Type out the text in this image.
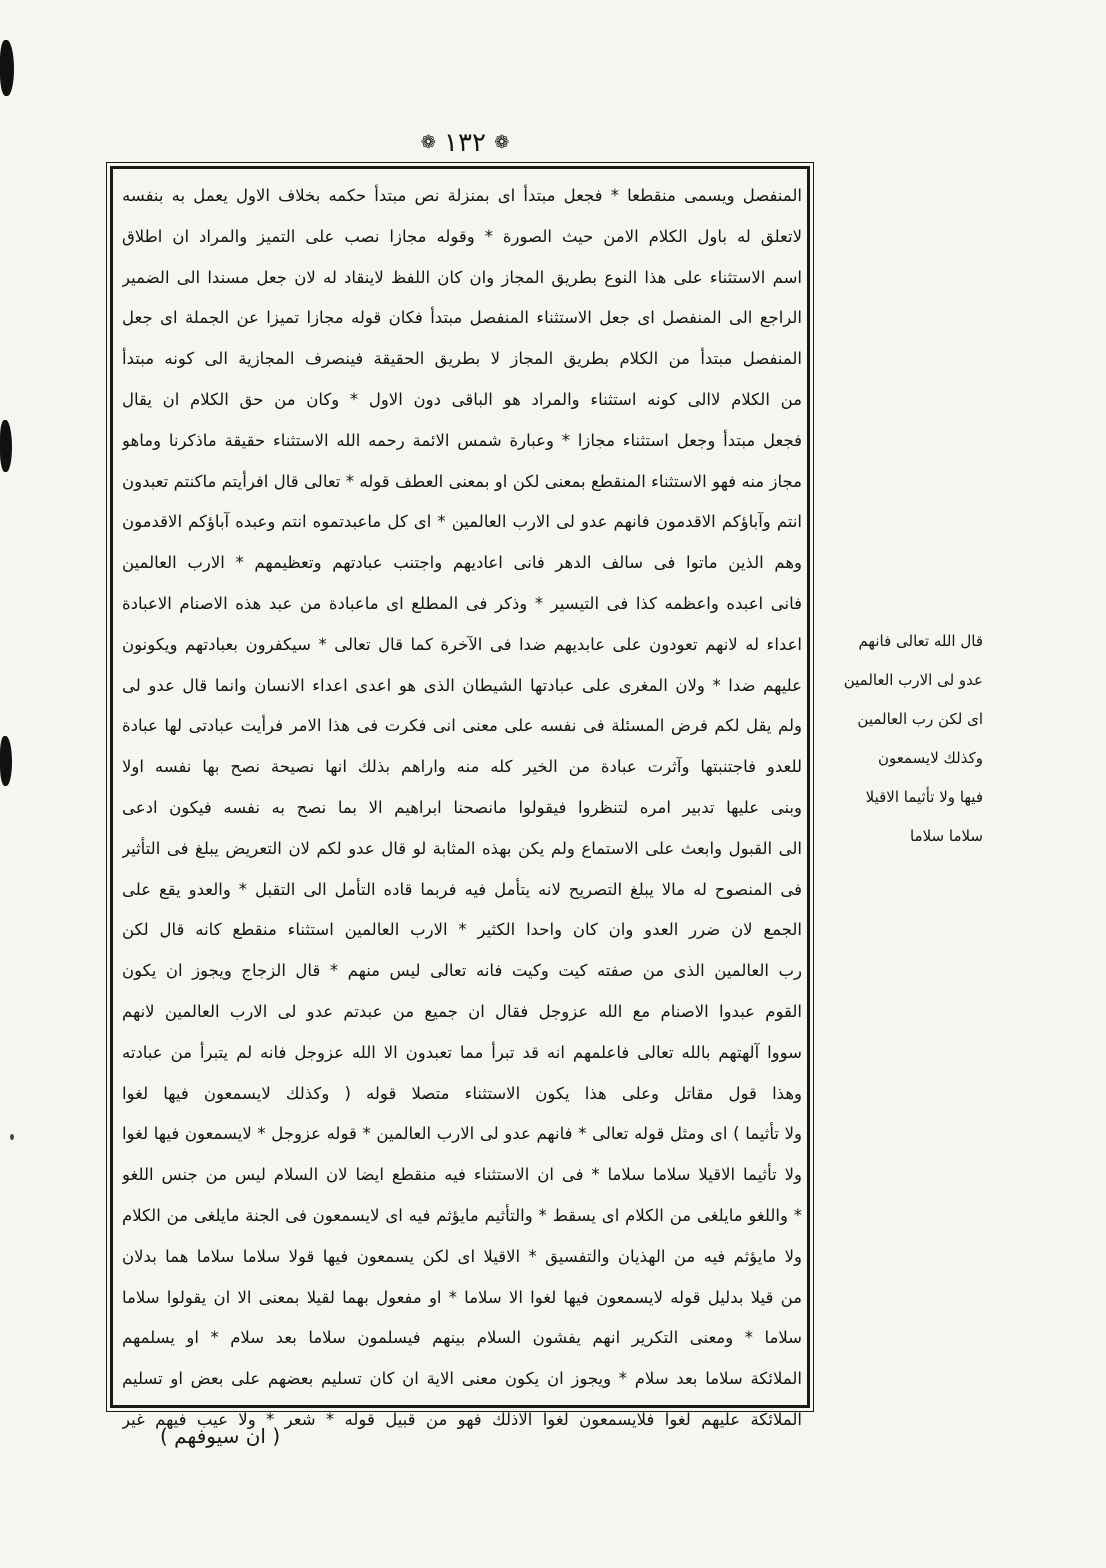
❁ ١٣٢ ❁
المنفصل ويسمى منقطعا * فجعل مبتدأ اى بمنزلة نص مبتدأ حكمه بخلاف الاول يعمل به بنفسه
لاتعلق له باول الكلام الامن حيث الصورة * وقوله مجازا نصب على التميز والمراد ان اطلاق
اسم الاستثناء على هذا النوع بطريق المجاز وان كان اللفظ لاينقاد له لان جعل مسندا الى الضمير
الراجع الى المنفصل اى جعل الاستثناء المنفصل مبتدأ فكان قوله مجازا تميزا عن الجملة اى جعل
المنفصل مبتدأ من الكلام بطريق المجاز لا بطريق الحقيقة فينصرف المجازية الى كونه مبتدأ
من الكلام لاالى كونه استثناء والمراد هو الباقى دون الاول * وكان من حق الكلام ان يقال
فجعل مبتدأ وجعل استثناء مجازا * وعبارة شمس الائمة رحمه الله الاستثناء حقيقة ماذكرنا وماهو
مجاز منه فهو الاستثناء المنقطع بمعنى لكن او بمعنى العطف قوله * تعالى قال افرأيتم ماكنتم تعبدون
انتم وآباؤكم الاقدمون فانهم عدو لى الارب العالمين * اى كل ماعبدتموه انتم وعبده آباؤكم الاقدمون
وهم الذين ماتوا فى سالف الدهر فانى اعاديهم واجتنب عبادتهم وتعظيمهم * الارب العالمين
فانى اعبده واعظمه كذا فى التيسير * وذكر فى المطلع اى ماعبادة من عبد هذه الاصنام الاعبادة
اعداء له لانهم تعودون على عابديهم ضدا فى الآخرة كما قال تعالى * سيكفرون بعبادتهم ويكونون
عليهم ضدا * ولان المغرى على عبادتها الشيطان الذى هو اعدى اعداء الانسان وانما قال عدو لى
ولم يقل لكم فرض المسئلة فى نفسه على معنى انى فكرت فى هذا الامر فرأيت عبادتى لها عبادة
للعدو فاجتنبتها وآثرت عبادة من الخير كله منه واراهم بذلك انها نصيحة نصح بها نفسه اولا
وبنى عليها تدبير امره لتنظروا فيقولوا مانصحنا ابراهيم الا بما نصح به نفسه فيكون ادعى
الى القبول وابعث على الاستماع ولم يكن بهذه المثابة لو قال عدو لكم لان التعريض يبلغ فى التأثير
فى المنصوح له مالا يبلغ التصريح لانه يتأمل فيه فربما قاده التأمل الى التقبل * والعدو يقع على
الجمع لان ضرر العدو وان كان واحدا الكثير * الارب العالمين استثناء منقطع كانه قال لكن
رب العالمين الذى من صفته كيت وكيت فانه تعالى ليس منهم * قال الزجاج ويجوز ان يكون
القوم عبدوا الاصنام مع الله عزوجل فقال ان جميع من عبدتم عدو لى الارب العالمين لانهم
سووا آلهتهم بالله تعالى فاعلمهم انه قد تبرأ مما تعبدون الا الله عزوجل فانه لم يتبرأ من عبادته
وهذا قول مقاتل وعلى هذا يكون الاستثناء متصلا قوله ( وكذلك لايسمعون فيها لغوا
ولا تأثيما ) اى ومثل قوله تعالى * فانهم عدو لى الارب العالمين * قوله عزوجل * لايسمعون فيها لغوا
ولا تأثيما الاقيلا سلاما سلاما * فى ان الاستثناء فيه منقطع ايضا لان السلام ليس من جنس اللغو
* واللغو مايلغى من الكلام اى يسقط * والتأثيم مايؤثم فيه اى لايسمعون فى الجنة مايلغى من الكلام
ولا مايؤثم فيه من الهذيان والتفسيق * الاقيلا اى لكن يسمعون فيها قولا سلاما سلاما هما بدلان
من قيلا بدليل قوله لايسمعون فيها لغوا الا سلاما * او مفعول بهما لقيلا بمعنى الا ان يقولوا سلاما
سلاما * ومعنى التكرير انهم يفشون السلام بينهم فيسلمون سلاما بعد سلام * او يسلمهم
الملائكة سلاما بعد سلام * ويجوز ان يكون معنى الاية ان كان تسليم بعضهم على بعض او تسليم
الملائكة عليهم لغوا فلايسمعون لغوا الاذلك فهو من قبيل قوله * شعر * ولا عيب فيهم غير
قال الله تعالى فانهم
عدو لى الارب العالمين
اى لكن رب العالمين
وكذلك لايسمعون
فيها ولا تأثيما الاقيلا
سلاما سلاما
( ان سيوفهم )
